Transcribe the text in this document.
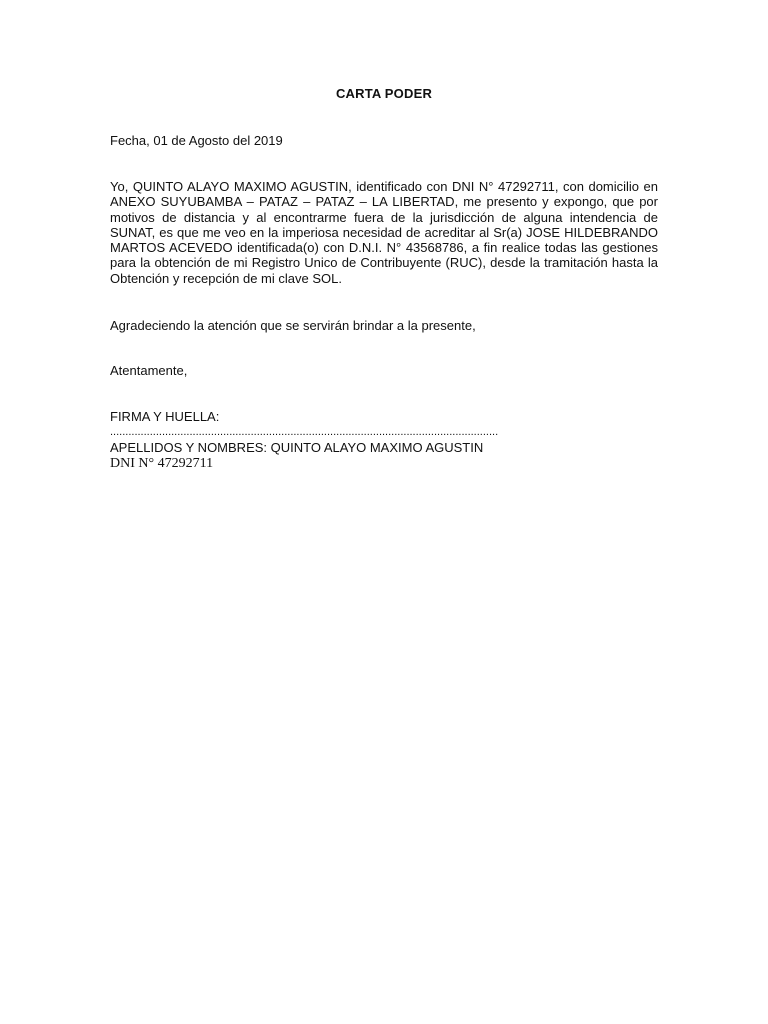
CARTA PODER
Fecha, 01 de Agosto del 2019
Yo, QUINTO ALAYO MAXIMO AGUSTIN, identificado con DNI N° 47292711, con domicilio en ANEXO SUYUBAMBA – PATAZ – PATAZ – LA LIBERTAD, me presento y expongo, que por motivos de distancia y al encontrarme fuera de la jurisdicción de alguna intendencia de SUNAT, es que me veo en la imperiosa necesidad de acreditar al Sr(a) JOSE HILDEBRANDO MARTOS ACEVEDO identificada(o) con D.N.I. N° 43568786, a fin realice todas las gestiones para la obtención de mi Registro Unico de Contribuyente (RUC), desde la tramitación hasta la Obtención y recepción de mi clave SOL.
Agradeciendo la atención que se servirán brindar a la presente,
Atentamente,
FIRMA Y HUELLA:
...............................................................................................................................
APELLIDOS Y NOMBRES: QUINTO ALAYO MAXIMO AGUSTIN
DNI N° 47292711
